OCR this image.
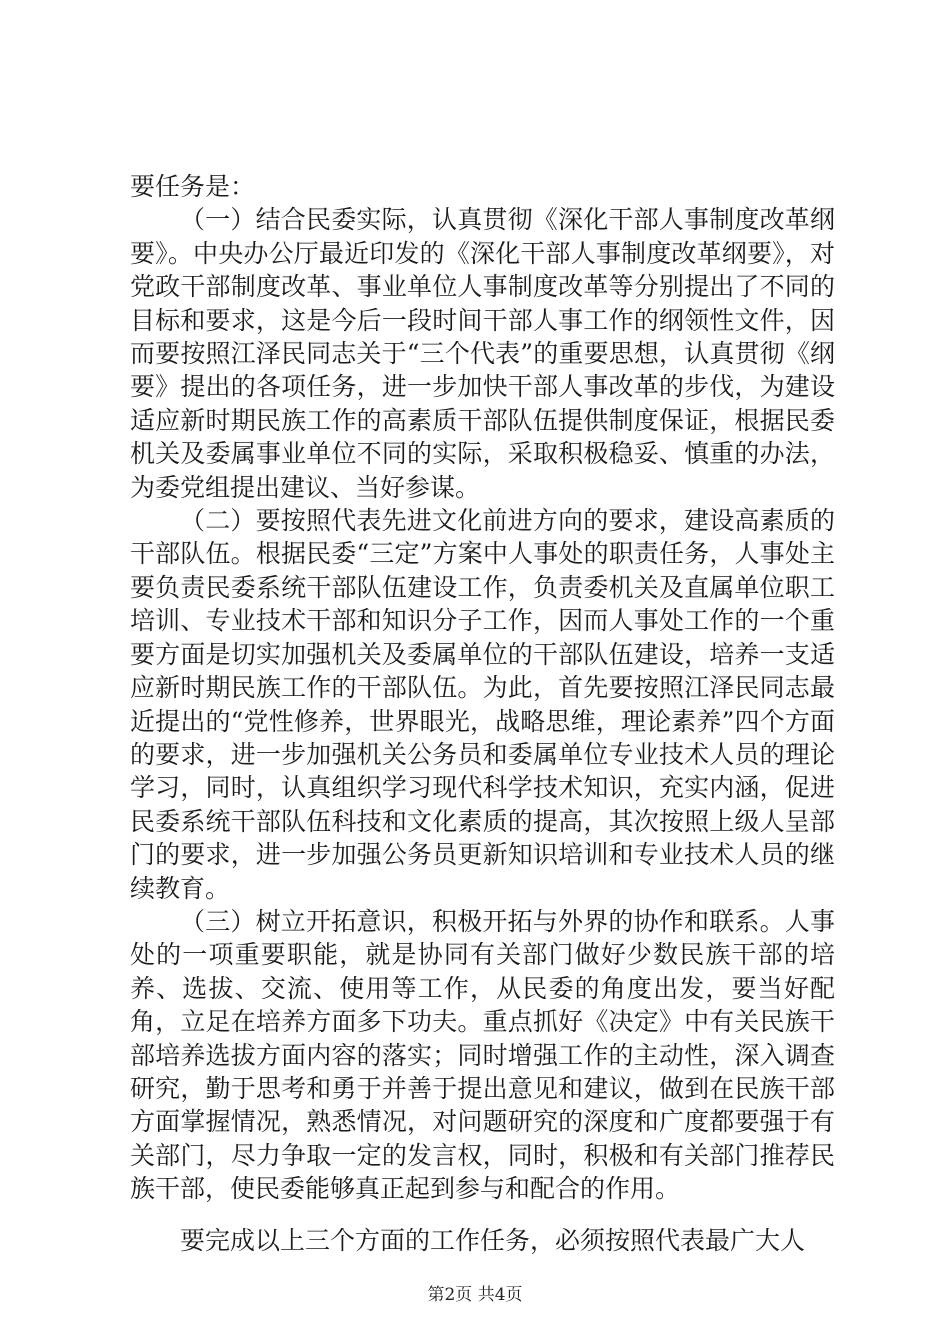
要任务是：

（一）结合民委实际，认真贯彻《深化干部人事制度改革纲要》。中央办公厅最近印发的《深化干部人事制度改革纲要》，对党政干部制度改革、事业单位人事制度改革等分别提出了不同的目标和要求，这是今后一段时间干部人事工作的纲领性文件，因而要按照江泽民同志关于“三个代表”的重要思想，认真贯彻《纲要》提出的各项任务，进一步加快干部人事改革的步伐，为建设适应新时期民族工作的高素质干部队伍提供制度保证，根据民委机关及委属事业单位不同的实际，采取积极稳妥、慎重的办法，为委党组提出建议、当好参谋。

（二）要按照代表先进文化前进方向的要求，建设高素质的干部队伍。根据民委“三定”方案中人事处的职责任务，人事处主要负责民委系统干部队伍建设工作，负责委机关及直属单位职工培训、专业技术干部和知识分子工作，因而人事处工作的一个重要方面是切实加强机关及委属单位的干部队伍建设，培养一支适应新时期民族工作的干部队伍。为此，首先要按照江泽民同志最近提出的“党性修养，世界眼光，战略思维，理论素养”四个方面的要求，进一步加强机关公务员和委属单位专业技术人员的理论学习，同时，认真组织学习现代科学技术知识，充实内涵，促进民委系统干部队伍科技和文化素质的提高，其次按照上级人呈部门的要求，进一步加强公务员更新知识培训和专业技术人员的继续教育。

（三）树立开拓意识，积极开拓与外界的协作和联系。人事处的一项重要职能，就是协同有关部门做好少数民族干部的培养、选拔、交流、使用等工作，从民委的角度出发，要当好配角，立足在培养方面多下功夫。重点抓好《决定》中有关民族干部培养选拔方面内容的落实；同时增强工作的主动性，深入调查研究，勤于思考和勇于并善于提出意见和建议，做到在民族干部方面掌握情况，熟悉情况，对问题研究的深度和广度都要强于有关部门，尽力争取一定的发言权，同时，积极和有关部门推荐民族干部，使民委能够真正起到参与和配合的作用。

要完成以上三个方面的工作任务，必须按照代表最广大人

第2页 共4页
